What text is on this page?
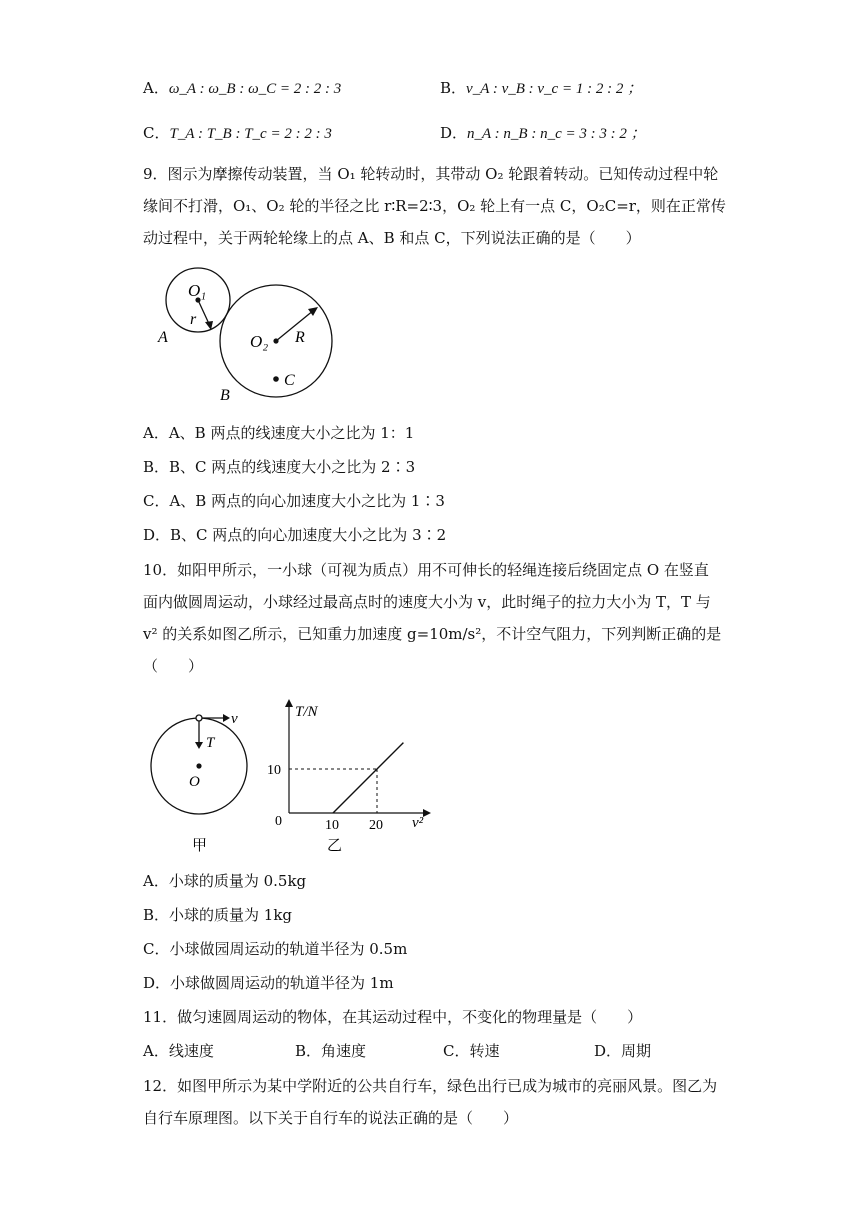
A．ω_A : ω_B : ω_C = 2 : 2 : 3	B．v_A : v_B : v_c = 1 : 2 : 2 ；
C．T_A : T_B : T_c = 2 : 2 : 3	D．n_A : n_B : n_c = 3 : 3 : 2 ；
9．图示为摩擦传动装置，当 O₁ 轮转动时，其带动 O₂ 轮跟着转动。已知传动过程中轮
缘间不打滑，O₁、O₂ 轮的半径之比 r∶R=2∶3，O₂ 轮上有一点 C，O₂C=r，则在正常传
动过程中，关于两轮轮缘上的点 A、B 和点 C，下列说法正确的是（　　）
O₁
r
A	O₂ R
C
B
A．A、B 两点的线速度大小之比为 1：1
B．B、C 两点的线速度大小之比为 2∶3
C．A、B 两点的向心加速度大小之比为 1∶3
D．B、C 两点的向心加速度大小之比为 3∶2
10．如阳甲所示，一小球（可视为质点）用不可伸长的轻绳连接后绕固定点 O 在竖直
面内做圆周运动，小球经过最高点时的速度大小为 v，此时绳子的拉力大小为 T，T 与
v² 的关系如图乙所示，已知重力加速度 g=10m/s²，不计空气阻力，下列判断正确的是
（　　）
v
T
O
甲
T/N
v²
0
10
10 20
乙
A．小球的质量为 0.5kg
B．小球的质量为 1kg
C．小球做园周运动的轨道半径为 0.5m
D．小球做圆周运动的轨道半径为 1m
11．做匀速圆周运动的物体，在其运动过程中，不变化的物理量是（　　）
A．线速度	B．角速度	C．转速	D．周期
12．如图甲所示为某中学附近的公共自行车，绿色出行已成为城市的亮丽风景。图乙为
自行车原理图。以下关于自行车的说法正确的是（　　）
